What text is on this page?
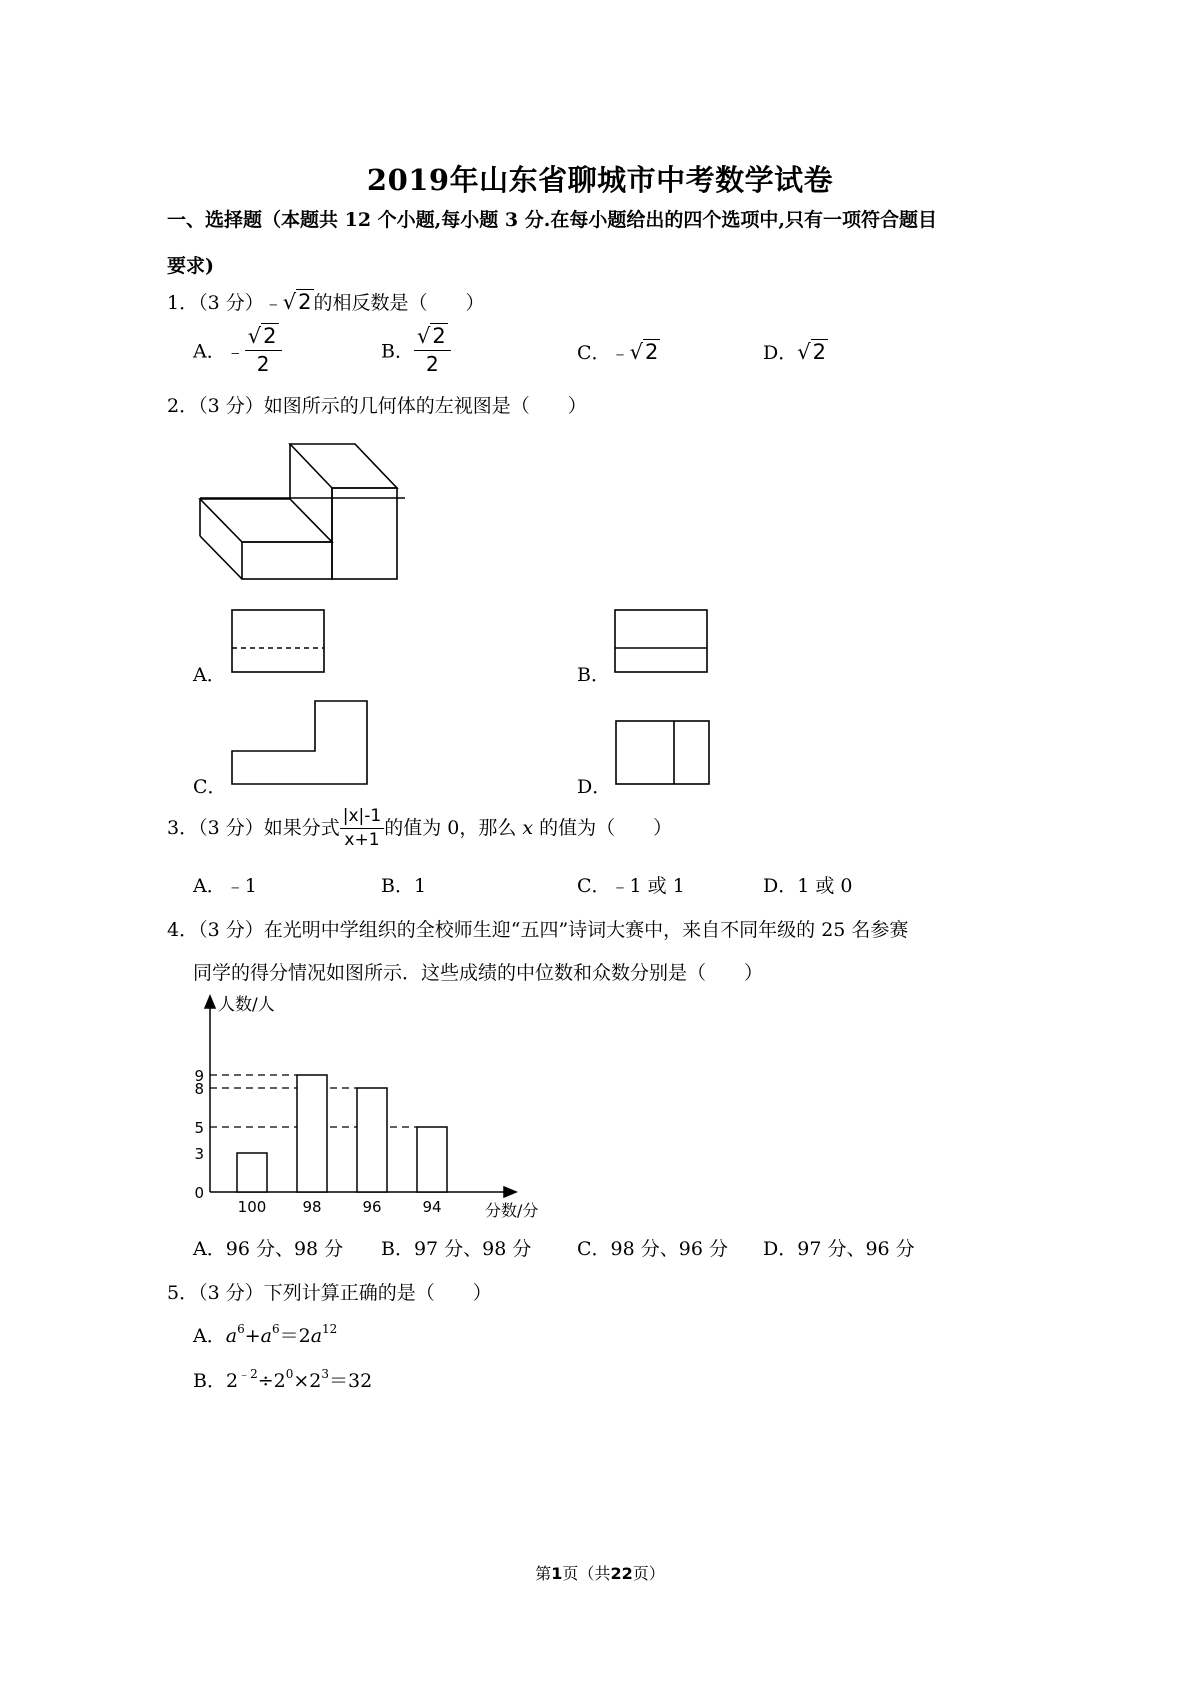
2019年山东省聊城市中考数学试卷
一、选择题（本题共 12 个小题,每小题 3 分.在每小题给出的四个选项中,只有一项符合题目
要求)
1．（3 分）﹣√2 的相反数是（　　）
A．﹣ $\frac{√2}{2}$	B． $\frac{√2}{2}$	C．﹣√2	D．√2
2．（3 分）如图所示的几何体的左视图是（　　）
A．	B．
C．	D．
3．（3 分）如果分式 $\frac{|x|-1}{x+1}$ 的值为 0，那么 x 的值为（　　）
A．﹣1	B．1	C．﹣1 或 1	D．1 或 0
4．（3 分）在光明中学组织的全校师生迎“五四”诗词大赛中，来自不同年级的 25 名参赛
同学的得分情况如图所示．这些成绩的中位数和众数分别是（　　）
100 98	96	94
0
3
5
8
9
人数/人
分数/分
A．96 分、98 分 B．97 分、98 分 C．98 分、96 分 D．97 分、96 分
5．（3 分）下列计算正确的是（　　）
A．$a^6+a^6=2a^{12}$
B．$2^{﹣2}\div 2^0\times 2^3=32$
第1页（共22页）
